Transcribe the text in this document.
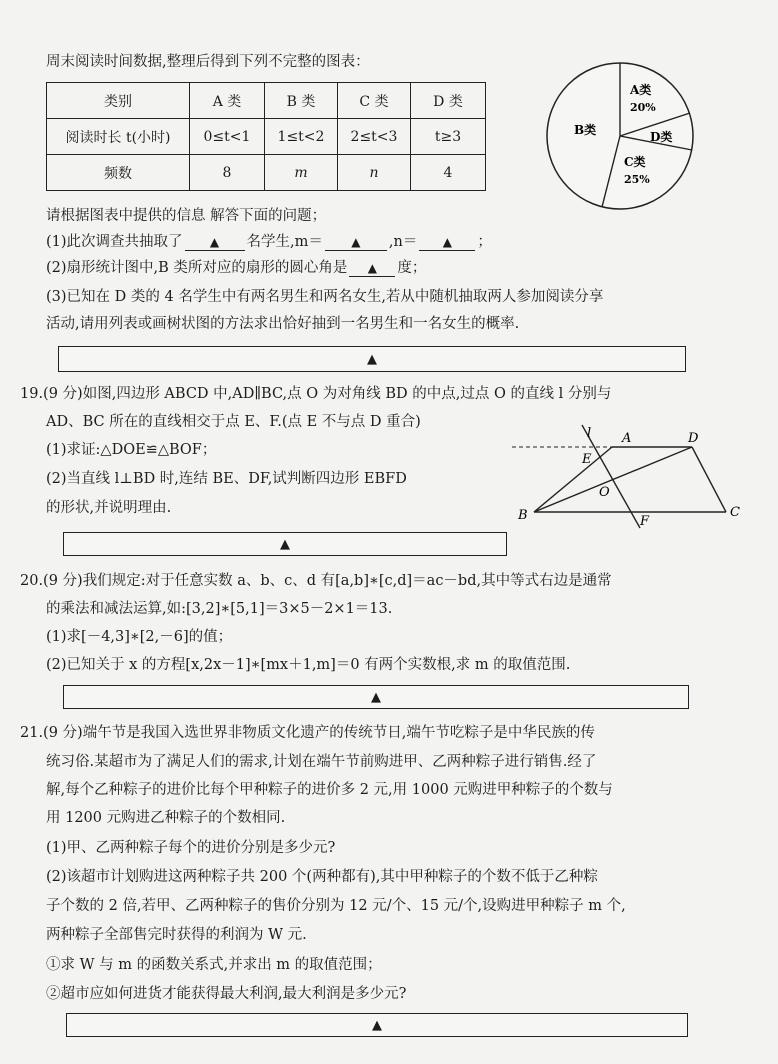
周末阅读时间数据,整理后得到下列不完整的图表：
类别	A 类	B 类	C 类	D 类
阅读时长 t(小时)	0≤t<1	1≤t<2	2≤t<3	t≥3
频数	8	m	n	4
A类
20%
B类	D类
C类
25%
请根据图表中提供的信息 解答下面的问题；
(1)此次调查共抽取了 ▲ 名学生,m＝ ▲ ,n＝ ▲ ；
(2)扇形统计图中,B 类所对应的扇形的圆心角是 ▲ 度；
(3)已知在 D 类的 4 名学生中有两名男生和两名女生,若从中随机抽取两人参加阅读分享
活动,请用列表或画树状图的方法求出恰好抽到一名男生和一名女生的概率.
▲
19.(9 分)如图,四边形 ABCD 中,AD∥BC,点 O 为对角线 BD 的中点,过点 O 的直线 l 分别与
AD、BC 所在的直线相交于点 E、F.(点 E 不与点 D 重合)
(1)求证:△DOE≌△BOF；
(2)当直线 l⊥BD 时,连结 BE、DF,试判断四边形 EBFD
的形状,并说明理由.
l A	D
E
O
B	F
C
▲
20.(9 分)我们规定:对于任意实数 a、b、c、d 有[a,b]∗[c,d]＝ac－bd,其中等式右边是通常
的乘法和减法运算,如:[3,2]∗[5,1]＝3×5－2×1＝13.
(1)求[－4,3]∗[2,－6]的值；
(2)已知关于 x 的方程[x,2x－1]∗[mx＋1,m]＝0 有两个实数根,求 m 的取值范围.
▲
21.(9 分)端午节是我国入选世界非物质文化遗产的传统节日,端午节吃粽子是中华民族的传
统习俗.某超市为了满足人们的需求,计划在端午节前购进甲、乙两种粽子进行销售.经了
解,每个乙种粽子的进价比每个甲种粽子的进价多 2 元,用 1000 元购进甲种粽子的个数与
用 1200 元购进乙种粽子的个数相同.
(1)甲、乙两种粽子每个的进价分别是多少元?
(2)该超市计划购进这两种粽子共 200 个(两种都有),其中甲种粽子的个数不低于乙种粽
子个数的 2 倍,若甲、乙两种粽子的售价分别为 12 元/个、15 元/个,设购进甲种粽子 m 个,
两种粽子全部售完时获得的利润为 W 元.
①求 W 与 m 的函数关系式,并求出 m 的取值范围；
②超市应如何进货才能获得最大利润,最大利润是多少元?
▲
